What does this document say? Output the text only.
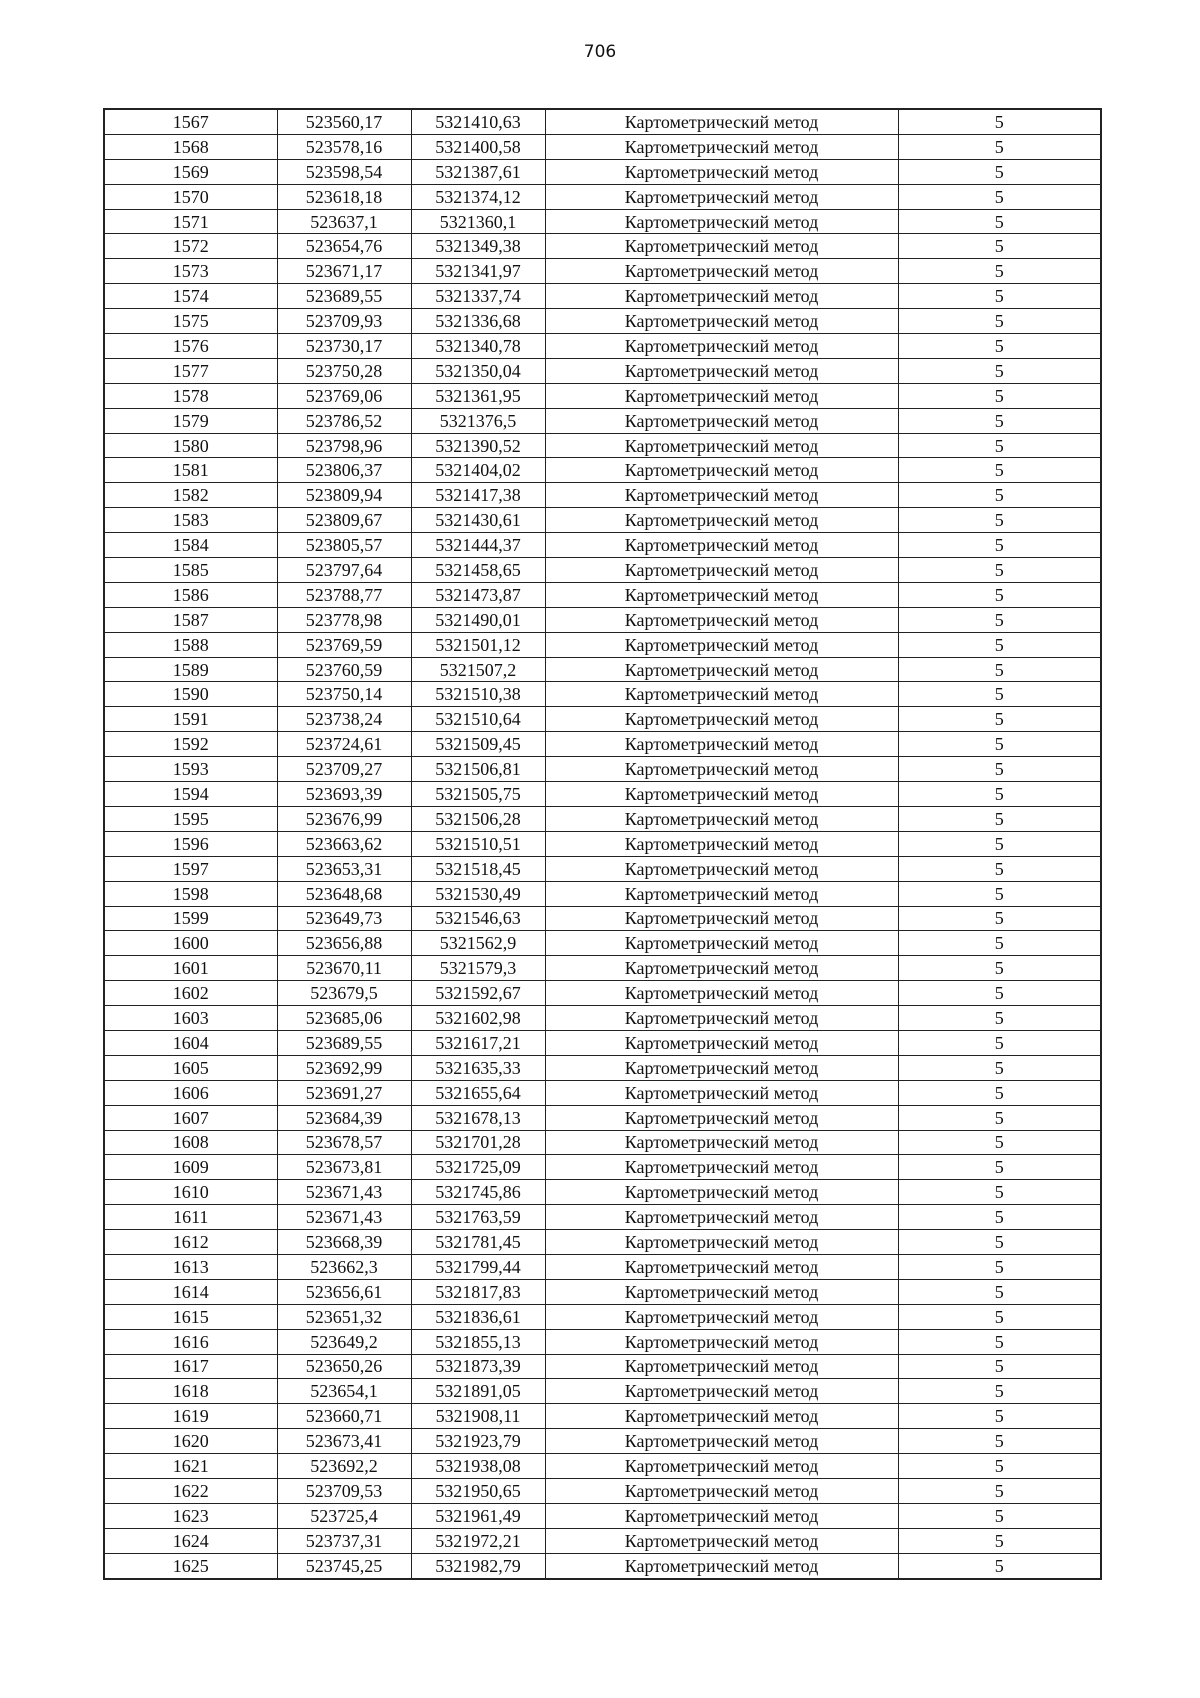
706
1567	523560,17	5321410,63	Картометрический метод	5
1568	523578,16	5321400,58	Картометрический метод	5
1569	523598,54	5321387,61	Картометрический метод	5
1570	523618,18	5321374,12	Картометрический метод	5
1571	523637,1	5321360,1	Картометрический метод	5
1572	523654,76	5321349,38	Картометрический метод	5
1573	523671,17	5321341,97	Картометрический метод	5
1574	523689,55	5321337,74	Картометрический метод	5
1575	523709,93	5321336,68	Картометрический метод	5
1576	523730,17	5321340,78	Картометрический метод	5
1577	523750,28	5321350,04	Картометрический метод	5
1578	523769,06	5321361,95	Картометрический метод	5
1579	523786,52	5321376,5	Картометрический метод	5
1580	523798,96	5321390,52	Картометрический метод	5
1581	523806,37	5321404,02	Картометрический метод	5
1582	523809,94	5321417,38	Картометрический метод	5
1583	523809,67	5321430,61	Картометрический метод	5
1584	523805,57	5321444,37	Картометрический метод	5
1585	523797,64	5321458,65	Картометрический метод	5
1586	523788,77	5321473,87	Картометрический метод	5
1587	523778,98	5321490,01	Картометрический метод	5
1588	523769,59	5321501,12	Картометрический метод	5
1589	523760,59	5321507,2	Картометрический метод	5
1590	523750,14	5321510,38	Картометрический метод	5
1591	523738,24	5321510,64	Картометрический метод	5
1592	523724,61	5321509,45	Картометрический метод	5
1593	523709,27	5321506,81	Картометрический метод	5
1594	523693,39	5321505,75	Картометрический метод	5
1595	523676,99	5321506,28	Картометрический метод	5
1596	523663,62	5321510,51	Картометрический метод	5
1597	523653,31	5321518,45	Картометрический метод	5
1598	523648,68	5321530,49	Картометрический метод	5
1599	523649,73	5321546,63	Картометрический метод	5
1600	523656,88	5321562,9	Картометрический метод	5
1601	523670,11	5321579,3	Картометрический метод	5
1602	523679,5	5321592,67	Картометрический метод	5
1603	523685,06	5321602,98	Картометрический метод	5
1604	523689,55	5321617,21	Картометрический метод	5
1605	523692,99	5321635,33	Картометрический метод	5
1606	523691,27	5321655,64	Картометрический метод	5
1607	523684,39	5321678,13	Картометрический метод	5
1608	523678,57	5321701,28	Картометрический метод	5
1609	523673,81	5321725,09	Картометрический метод	5
1610	523671,43	5321745,86	Картометрический метод	5
1611	523671,43	5321763,59	Картометрический метод	5
1612	523668,39	5321781,45	Картометрический метод	5
1613	523662,3	5321799,44	Картометрический метод	5
1614	523656,61	5321817,83	Картометрический метод	5
1615	523651,32	5321836,61	Картометрический метод	5
1616	523649,2	5321855,13	Картометрический метод	5
1617	523650,26	5321873,39	Картометрический метод	5
1618	523654,1	5321891,05	Картометрический метод	5
1619	523660,71	5321908,11	Картометрический метод	5
1620	523673,41	5321923,79	Картометрический метод	5
1621	523692,2	5321938,08	Картометрический метод	5
1622	523709,53	5321950,65	Картометрический метод	5
1623	523725,4	5321961,49	Картометрический метод	5
1624	523737,31	5321972,21	Картометрический метод	5
1625	523745,25	5321982,79	Картометрический метод	5
